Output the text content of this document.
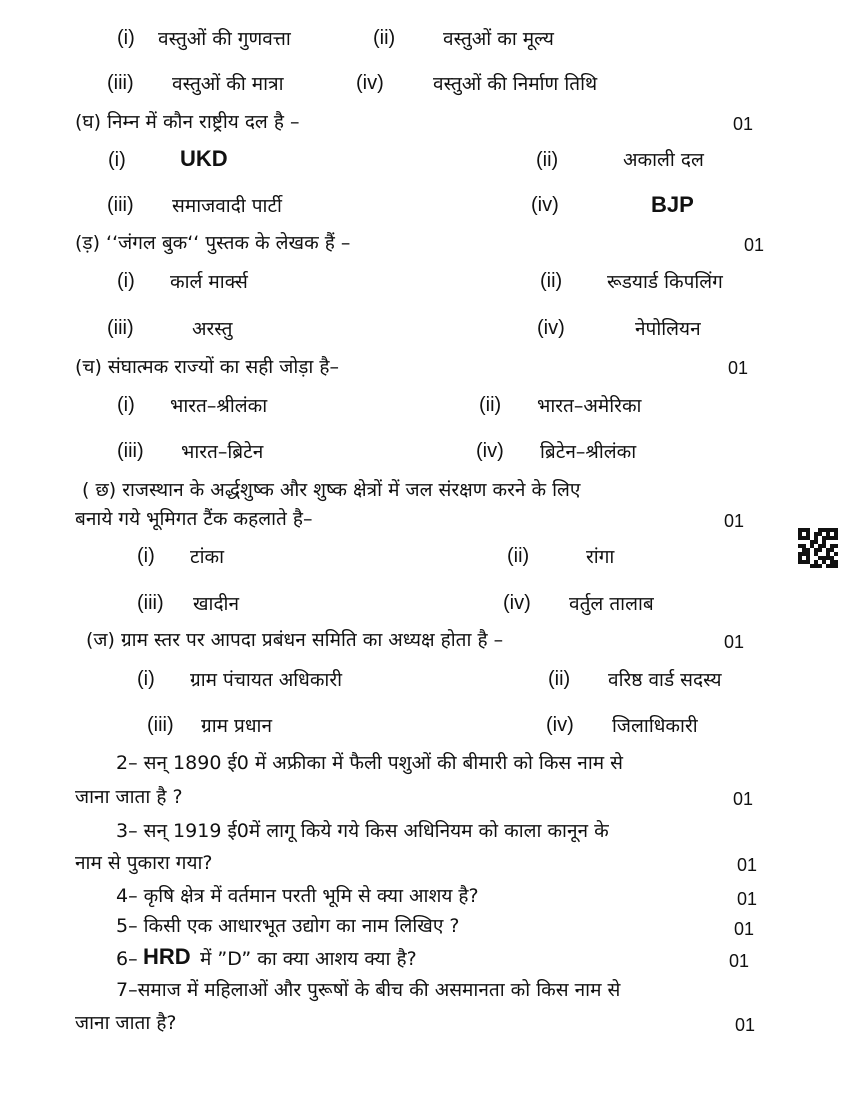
(i) वस्तुओं की गुणवत्ता	(ii)	वस्तुओं का मूल्य
(iii) वस्तुओं की मात्रा	(iv)	वस्तुओं की निर्माण तिथि
(घ) निम्न में कौन राष्ट्रीय दल है –	01
(i) UKD	(ii)	अकाली दल
(iii) समाजवादी पार्टी	(iv)	BJP
(ड़) ‘‘जंगल बुक‘‘ पुस्तक के लेखक हैं –	01
(i) कार्ल मार्क्स	(ii) रूडयार्ड किपलिंग
(iii)	अरस्तु	(iv)	नेपोलियन
(च) संघात्मक राज्यों का सही जोड़ा है–	01
(i) भारत–श्रीलंका	(ii) भारत–अमेरिका
(iii) भारत–ब्रिटेन	(iv) ब्रिटेन–श्रीलंका
( छ) राजस्थान के अर्द्धशुष्क और शुष्क क्षेत्रों में जल संरक्षण करने के लिए
बनाये गये भूमिगत टैंक कहलाते है–	01
(i) टांका	(ii)	रांगा
(iii) खादीन	(iv) वर्तुल तालाब
(ज) ग्राम स्तर पर आपदा प्रबंधन समिति का अध्यक्ष होता है –	01
(i) ग्राम पंचायत अधिकारी	(ii) वरिष्ठ वार्ड सदस्य
(iii) ग्राम प्रधान	(iv) जिलाधिकारी
2– सन् 1890 ई0 में अफ्रीका में फैली पशुओं की बीमारी को किस नाम से
जाना जाता है ?	01
3– सन् 1919 ई0में लागू किये गये किस अधिनियम को काला कानून के
नाम से पुकारा गया?	01
4– कृषि क्षेत्र में वर्तमान परती भूमि से क्या आशय है?	01
5– किसी एक आधारभूत उद्योग का नाम लिखिए ?	01
6– HRD में ”D” का क्या आशय क्या है?	01
7–समाज में महिलाओं और पुरूषों के बीच की असमानता को किस नाम से
जाना जाता है?	01
